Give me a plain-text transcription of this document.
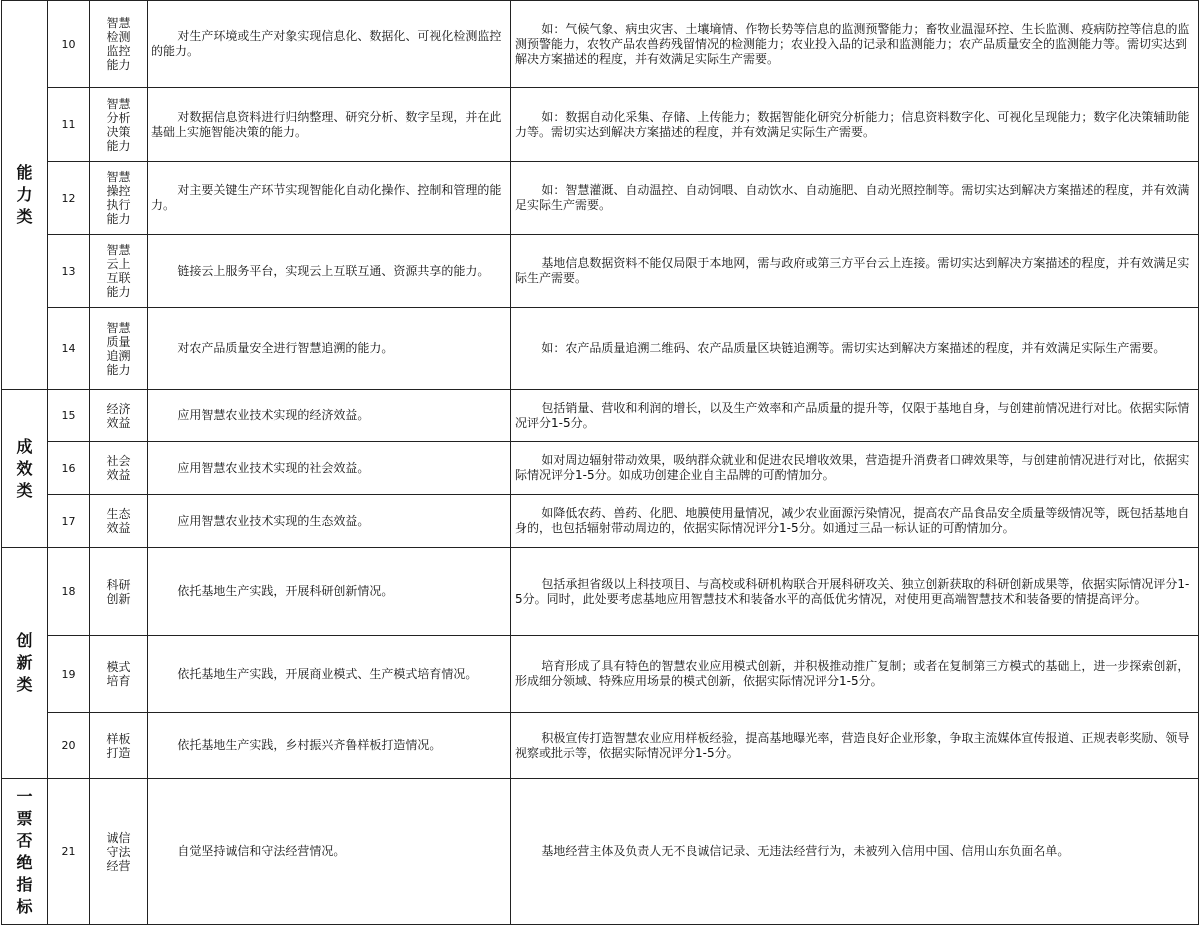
能力类	10	智慧检测监控能力	对生产环境或生产对象实现信息化、数据化、可视化检测监控的能力。	如：气候气象、病虫灾害、土壤墒情、作物长势等信息的监测预警能力；畜牧业温湿环控、生长监测、疫病防控等信息的监测预警能力，农牧产品农兽药残留情况的检测能力；农业投入品的记录和监测能力；农产品质量安全的监测能力等。需切实达到解决方案描述的程度，并有效满足实际生产需要。

	11	智慧分析决策能力	对数据信息资料进行归纳整理、研究分析、数字呈现，并在此基础上实施智能决策的能力。	如：数据自动化采集、存储、上传能力；数据智能化研究分析能力；信息资料数字化、可视化呈现能力；数字化决策辅助能力等。需切实达到解决方案描述的程度，并有效满足实际生产需要。

	12	智慧操控执行能力	对主要关键生产环节实现智能化自动化操作、控制和管理的能力。	如：智慧灌溉、自动温控、自动饲喂、自动饮水、自动施肥、自动光照控制等。需切实达到解决方案描述的程度，并有效满足实际生产需要。

	13	智慧云上互联能力	链接云上服务平台，实现云上互联互通、资源共享的能力。	基地信息数据资料不能仅局限于本地网，需与政府或第三方平台云上连接。需切实达到解决方案描述的程度，并有效满足实际生产需要。

	14	智慧质量追溯能力	对农产品质量安全进行智慧追溯的能力。	如：农产品质量追溯二维码、农产品质量区块链追溯等。需切实达到解决方案描述的程度，并有效满足实际生产需要。

成效类	15	经济效益	应用智慧农业技术实现的经济效益。	包括销量、营收和利润的增长，以及生产效率和产品质量的提升等，仅限于基地自身，与创建前情况进行对比。依据实际情况评分1-5分。

	16	社会效益	应用智慧农业技术实现的社会效益。	如对周边辐射带动效果，吸纳群众就业和促进农民增收效果，营造提升消费者口碑效果等，与创建前情况进行对比，依据实际情况评分1-5分。如成功创建企业自主品牌的可酌情加分。

	17	生态效益	应用智慧农业技术实现的生态效益。	如降低农药、兽药、化肥、地膜使用量情况，减少农业面源污染情况，提高农产品食品安全质量等级情况等，既包括基地自身的，也包括辐射带动周边的，依据实际情况评分1-5分。如通过三品一标认证的可酌情加分。

创新类	18	科研创新	依托基地生产实践，开展科研创新情况。	包括承担省级以上科技项目、与高校或科研机构联合开展科研攻关、独立创新获取的科研创新成果等，依据实际情况评分1-5分。同时，此处要考虑基地应用智慧技术和装备水平的高低优劣情况，对使用更高端智慧技术和装备要的情提高评分。

	19	模式培育	依托基地生产实践，开展商业模式、生产模式培育情况。	培育形成了具有特色的智慧农业应用模式创新，并积极推动推广复制；或者在复制第三方模式的基础上，进一步探索创新，形成细分领域、特殊应用场景的模式创新，依据实际情况评分1-5分。

	20	样板打造	依托基地生产实践，乡村振兴齐鲁样板打造情况。	积极宣传打造智慧农业应用样板经验，提高基地曝光率，营造良好企业形象，争取主流媒体宣传报道、正规表彰奖励、领导视察或批示等，依据实际情况评分1-5分。

一票否绝指标	21	诚信守法经营	自觉坚持诚信和守法经营情况。	基地经营主体及负责人无不良诚信记录、无违法经营行为，未被列入信用中国、信用山东负面名单。
